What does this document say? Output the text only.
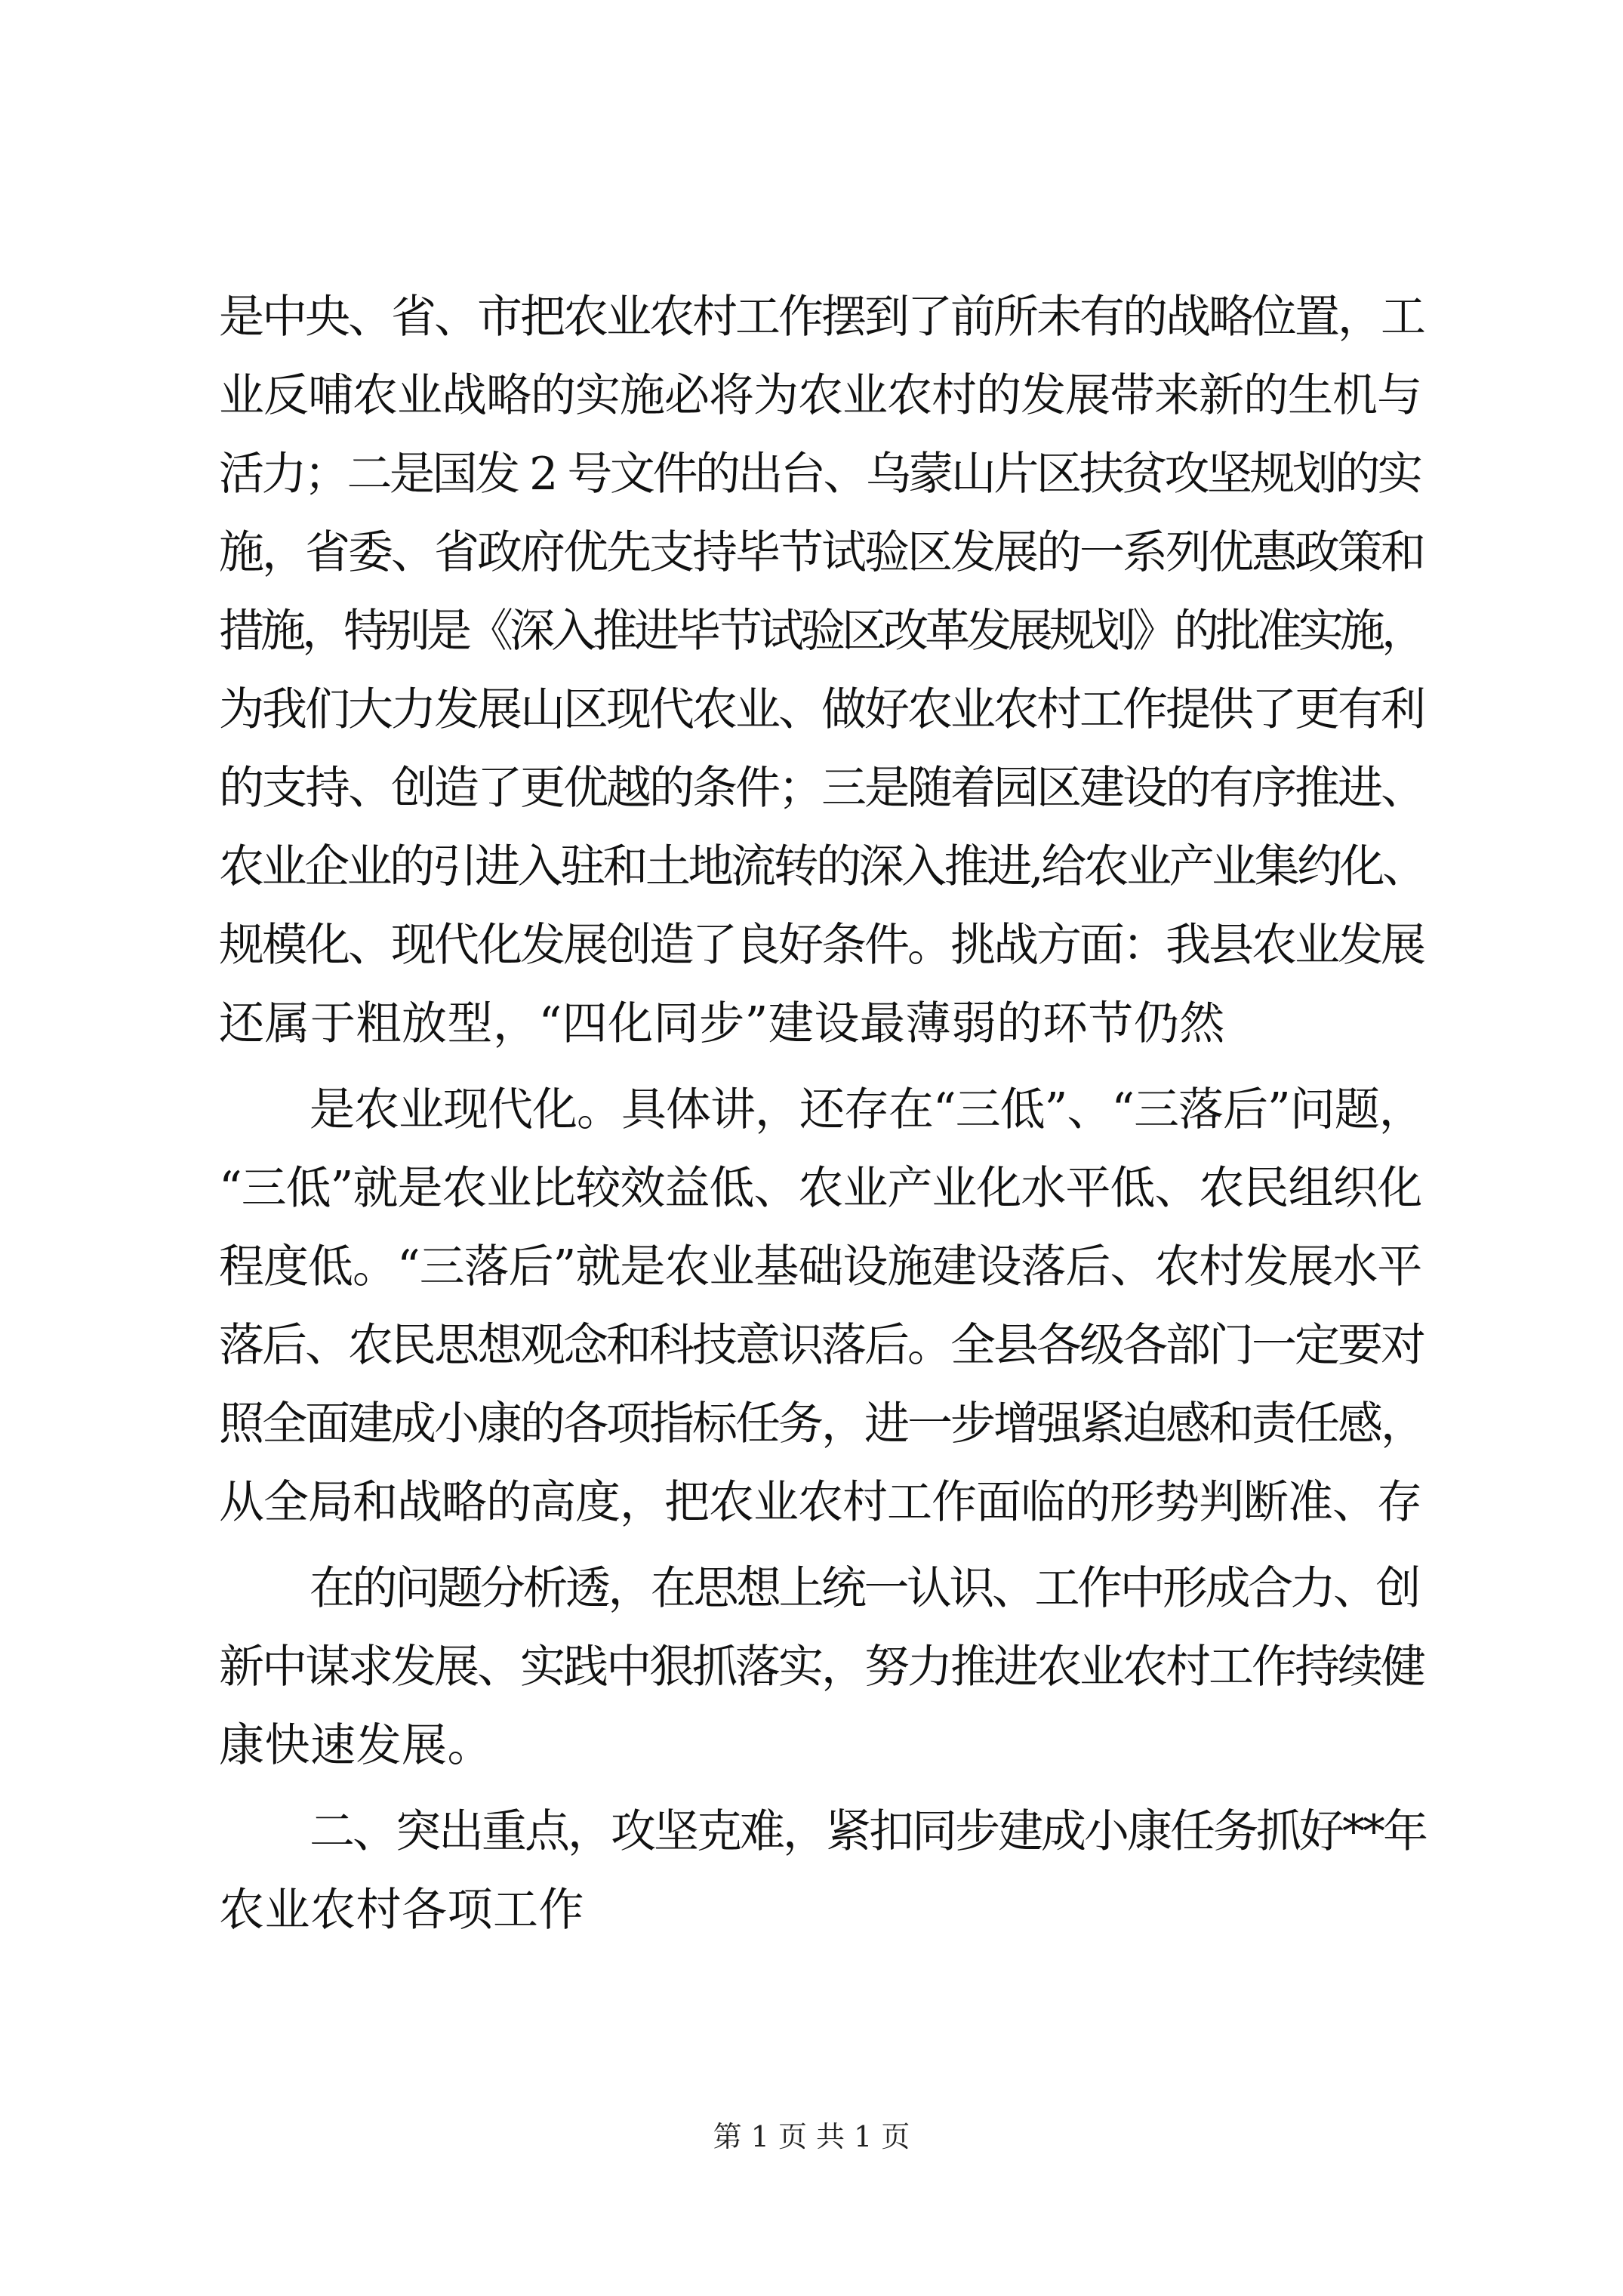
是中央、省、市把农业农村工作摆到了前所未有的战略位置，工
业反哺农业战略的实施必将为农业农村的发展带来新的生机与
活力；二是国发 2 号文件的出台、乌蒙山片区扶贫攻坚规划的实
施，省委、省政府优先支持毕节试验区发展的一系列优惠政策和
措施，特别是《深入推进毕节试验区改革发展规划》的批准实施，
为我们大力发展山区现代农业、做好农业农村工作提供了更有利
的支持、创造了更优越的条件；三是随着园区建设的有序推进、
农业企业的引进入驻和土地流转的深入推进,给农业产业集约化、
规模化、现代化发展创造了良好条件。挑战方面：我县农业发展
还属于粗放型，“四化同步”建设最薄弱的环节仍然
是农业现代化。具体讲，还存在“三低”、“三落后”问题，
“三低”就是农业比较效益低、农业产业化水平低、农民组织化
程度低。“三落后”就是农业基础设施建设落后、农村发展水平
落后、农民思想观念和科技意识落后。全县各级各部门一定要对
照全面建成小康的各项指标任务，进一步增强紧迫感和责任感，
从全局和战略的高度，把农业农村工作面临的形势判断准、存
在的问题分析透，在思想上统一认识、工作中形成合力、创
新中谋求发展、实践中狠抓落实，努力推进农业农村工作持续健
康快速发展。
二、突出重点，攻坚克难，紧扣同步建成小康任务抓好**年
农业农村各项工作
第 1 页 共 1 页
